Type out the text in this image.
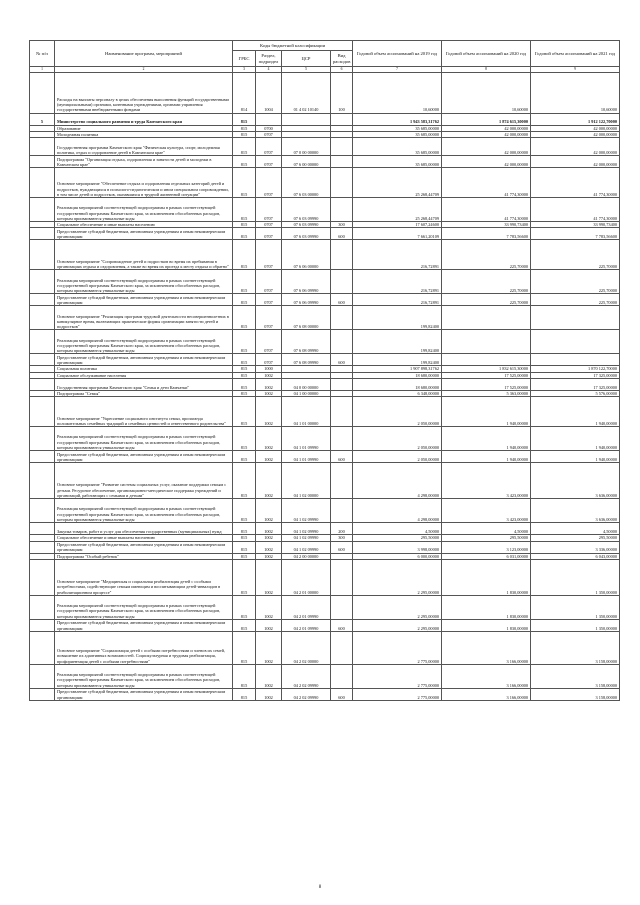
№ п/п	Наименование программ, мероприятий	Коды бюджетной классификации				Годовой объем ассигнований на 2019 год	Годовой объем ассигнований на 2020 год	Годовой объем ассигнований на 2021 год
		ГРБС	Раздел, подраздел	ЦСР	Вид расходов			
1	2	3	4	5	6	7	8	9
	Расходы на выплаты персоналу в целях обеспечения выполнения функций государственными (муниципальными) органами, казенными учреждениями, органами управления государственными внебюджетными фондами	814	1004	01 4 02 10140	100	10,60000	10,60000	10,60000
5	Министерство социального развития и труда Камчатского края	815				1 943 583,31762	1 874 615,30000	1 912 122,70000
	Образование	815	0700			35 685,00000	42 000,00000	42 000,00000
	Молодежная политика	815	0707			35 685,00000	42 000,00000	42 000,00000
	Государственная программа Камчатского края "Физическая культура, спорт, молодежная политика, отдых и оздоровление детей в Камчатском крае"	815	0707	07 0 00 00000		35 685,00000	42 000,00000	42 000,00000
	Подпрограмма "Организация отдыха, оздоровления и занятости детей и молодежи в Камчатском крае"	815	0707	07 6 00 00000		35 685,00000	42 000,00000	42 000,00000
	Основное мероприятие "Обеспечение отдыха и оздоровления отдельных категорий детей и подростков, нуждающихся в психолого-педагогическом и ином специальном сопровождении, в том числе детей и подростков, оказавшихся в трудной жизненной ситуации"	815	0707	07 6 03 00000		25 268,44709	41 774,30000	41 774,30000
	Реализация мероприятий соответствующей подпрограммы в рамках соответствующей государственной программы Камчатского края, за исключением обособленных расходов, которым присваиваются уникальные коды	815	0707	07 6 03 09990		25 268,44709	41 774,30000	41 774,30000
	Социальное обеспечение и иные выплаты населению	815	0707	07 6 03 09990	300	17 607,24600	33 990,73400	33 990,73400
	Предоставление субсидий бюджетным, автономным учреждениям и иным некоммерческим организациям	815	0707	07 6 03 09990	600	7 661,20109	7 783,56600	7 783,56600
	Основное мероприятие "Сопровождение детей и подростков во время их пребывания в организациях отдыха и оздоровления, а также во время их проезда к месту отдыха и обратно"	815	0707	07 6 06 00000		216,72891	225,70000	225,70000
	Реализация мероприятий соответствующей подпрограммы в рамках соответствующей государственной программы Камчатского края, за исключением обособленных расходов, которым присваиваются уникальные коды	815	0707	07 6 06 09990		216,72891	225,70000	225,70000
	Предоставление субсидий бюджетным, автономным учреждениям и иным некоммерческим организациям	815	0707	07 6 06 09990	600	216,72891	225,70000	225,70000
	Основное мероприятие "Реализация программ трудовой деятельности несовершеннолетних в каникулярное время, включающих практические формы организации занятости детей и подростков"	815	0707	07 6 08 00000		199,82400		
	Реализация мероприятий соответствующей подпрограммы в рамках соответствующей государственной программы Камчатского края, за исключением обособленных расходов, которым присваиваются уникальные коды	815	0707	07 6 08 09990		199,82400		
	Предоставление субсидий бюджетным, автономным учреждениям и иным некоммерческим организациям	815	0707	07 6 08 09990	600	199,82400		
	Социальная политика	815	1000			1 907 898,31762	1 832 615,30000	1 870 122,70000
	Социальное обслуживание населения	815	1002			18 680,00000	17 525,00000	17 325,00000
	Государственная программа Камчатского края "Семья и дети Камчатки"	815	1002	04 0 00 00000		18 680,00000	17 525,00000	17 325,00000
	Подпрограмма "Семья"	815	1002	04 1 00 00000		6 348,00000	5 363,00000	5 576,00000
	Основное мероприятие "Укрепление социального института семьи, пропаганда положительных семейных традиций и семейных ценностей и ответственного родительства"	815	1002	04 1 01 00000		2 050,00000	1 940,00000	1 940,00000
	Реализация мероприятий соответствующей подпрограммы в рамках соответствующей государственной программы Камчатского края, за исключением обособленных расходов, которым присваиваются уникальные коды	815	1002	04 1 01 09990		2 050,00000	1 940,00000	1 940,00000
	Предоставление субсидий бюджетным, автономным учреждениям и иным некоммерческим организациям	815	1002	04 1 01 09990	600	2 050,00000	1 940,00000	1 940,00000
	Основное мероприятие "Развитие системы социальных услуг, оказание поддержки семьям с детьми. Ресурсное обеспечение, организационно-методическое поддержка учреждений и организаций, работающих с семьями и детьми"	815	1002	04 1 02 00000		4 298,00000	3 423,00000	3 636,00000
	Реализация мероприятий соответствующей подпрограммы в рамках соответствующей государственной программы Камчатского края, за исключением обособленных расходов, которым присваиваются уникальные коды	815	1002	04 1 02 09990		4 298,00000	3 423,00000	3 636,00000
	Закупка товаров, работ и услуг для обеспечения государственных (муниципальных) нужд	815	1002	04 1 02 09990	200	4,50000	4,50000	4,50000
	Социальное обеспечение и иные выплаты населению	815	1002	04 1 02 09990	300	295,50000	295,50000	295,50000
	Предоставление субсидий бюджетным, автономным учреждениям и иным некоммерческим организациям	815	1002	04 1 02 09990	600	3 998,00000	3 123,00000	3 336,00000
	Подпрограмма "Особый ребенок"	815	1002	04 2 00 00000		6 000,00000	6 031,00000	6 043,00000
	Основное мероприятие "Медицинская и социальная реабилитация детей с особыми потребностями, содействующие семьям имеющим и воспитывающим детей-инвалидов в реабилитационном процессе"	815	1002	04 2 01 00000		2 295,00000	1 830,00000	1 350,00000
	Реализация мероприятий соответствующей подпрограммы в рамках соответствующей государственной программы Камчатского края, за исключением обособленных расходов, которым присваиваются уникальные коды	815	1002	04 2 01 09990		2 295,00000	1 830,00000	1 350,00000
	Предоставление субсидий бюджетным, автономным учреждениям и иным некоммерческим организациям	815	1002	04 2 01 09990	600	2 295,00000	1 830,00000	1 350,00000
	Основное мероприятие "Социализация детей с особыми потребностями и членов их семей, повышение их адаптивных возможностей. Социокультурная и трудовая реабилитация, профориентация детей с особыми потребностями"	815	1002	04 2 02 00000		2 775,00000	3 166,00000	3 158,00000
	Реализация мероприятий соответствующей подпрограммы в рамках соответствующей государственной программы Камчатского края, за исключением обособленных расходов, которым присваиваются уникальные коды	815	1002	04 2 02 09990		2 775,00000	3 166,00000	3 158,00000
	Предоставление субсидий бюджетным, автономным учреждениям и иным некоммерческим организациям	815	1002	04 2 02 09990	600	2 775,00000	3 166,00000	3 158,00000
8
